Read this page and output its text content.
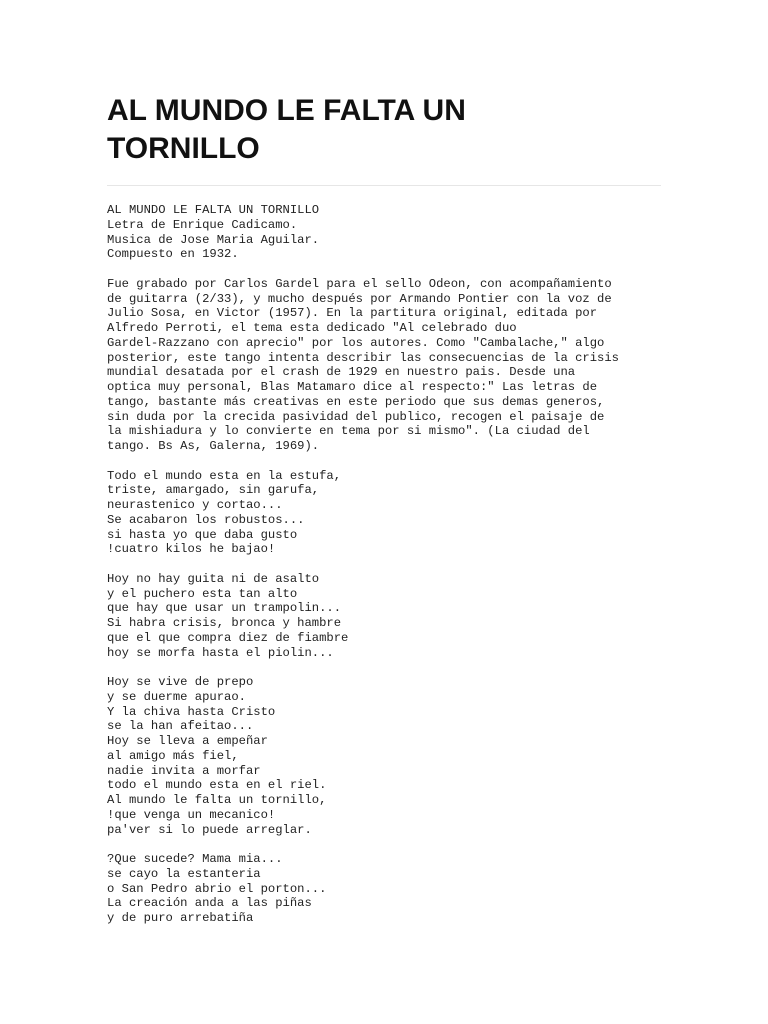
AL MUNDO LE FALTA UN
TORNILLO

AL MUNDO LE FALTA UN TORNILLO
Letra de Enrique Cadicamo.
Musica de Jose Maria Aguilar.
Compuesto en 1932.

Fue grabado por Carlos Gardel para el sello Odeon, con acompañamiento
de guitarra (2/33), y mucho después por Armando Pontier con la voz de
Julio Sosa, en Victor (1957). En la partitura original, editada por
Alfredo Perroti, el tema esta dedicado "Al celebrado duo
Gardel-Razzano con aprecio" por los autores. Como "Cambalache," algo
posterior, este tango intenta describir las consecuencias de la crisis
mundial desatada por el crash de 1929 en nuestro pais. Desde una
optica muy personal, Blas Matamaro dice al respecto:" Las letras de
tango, bastante más creativas en este periodo que sus demas generos,
sin duda por la crecida pasividad del publico, recogen el paisaje de
la mishiadura y lo convierte en tema por si mismo". (La ciudad del
tango. Bs As, Galerna, 1969).

Todo el mundo esta en la estufa,
triste, amargado, sin garufa,
neurastenico y cortao...
Se acabaron los robustos...
si hasta yo que daba gusto
!cuatro kilos he bajao!

Hoy no hay guita ni de asalto
y el puchero esta tan alto
que hay que usar un trampolin...
Si habra crisis, bronca y hambre
que el que compra diez de fiambre
hoy se morfa hasta el piolin...

Hoy se vive de prepo
y se duerme apurao.
Y la chiva hasta Cristo
se la han afeitao...
Hoy se lleva a empeñar
al amigo más fiel,
nadie invita a morfar
todo el mundo esta en el riel.
Al mundo le falta un tornillo,
!que venga un mecanico!
pa'ver si lo puede arreglar.

?Que sucede? Mama mia...
se cayo la estanteria
o San Pedro abrio el porton...
La creación anda a las piñas
y de puro arrebatiña
